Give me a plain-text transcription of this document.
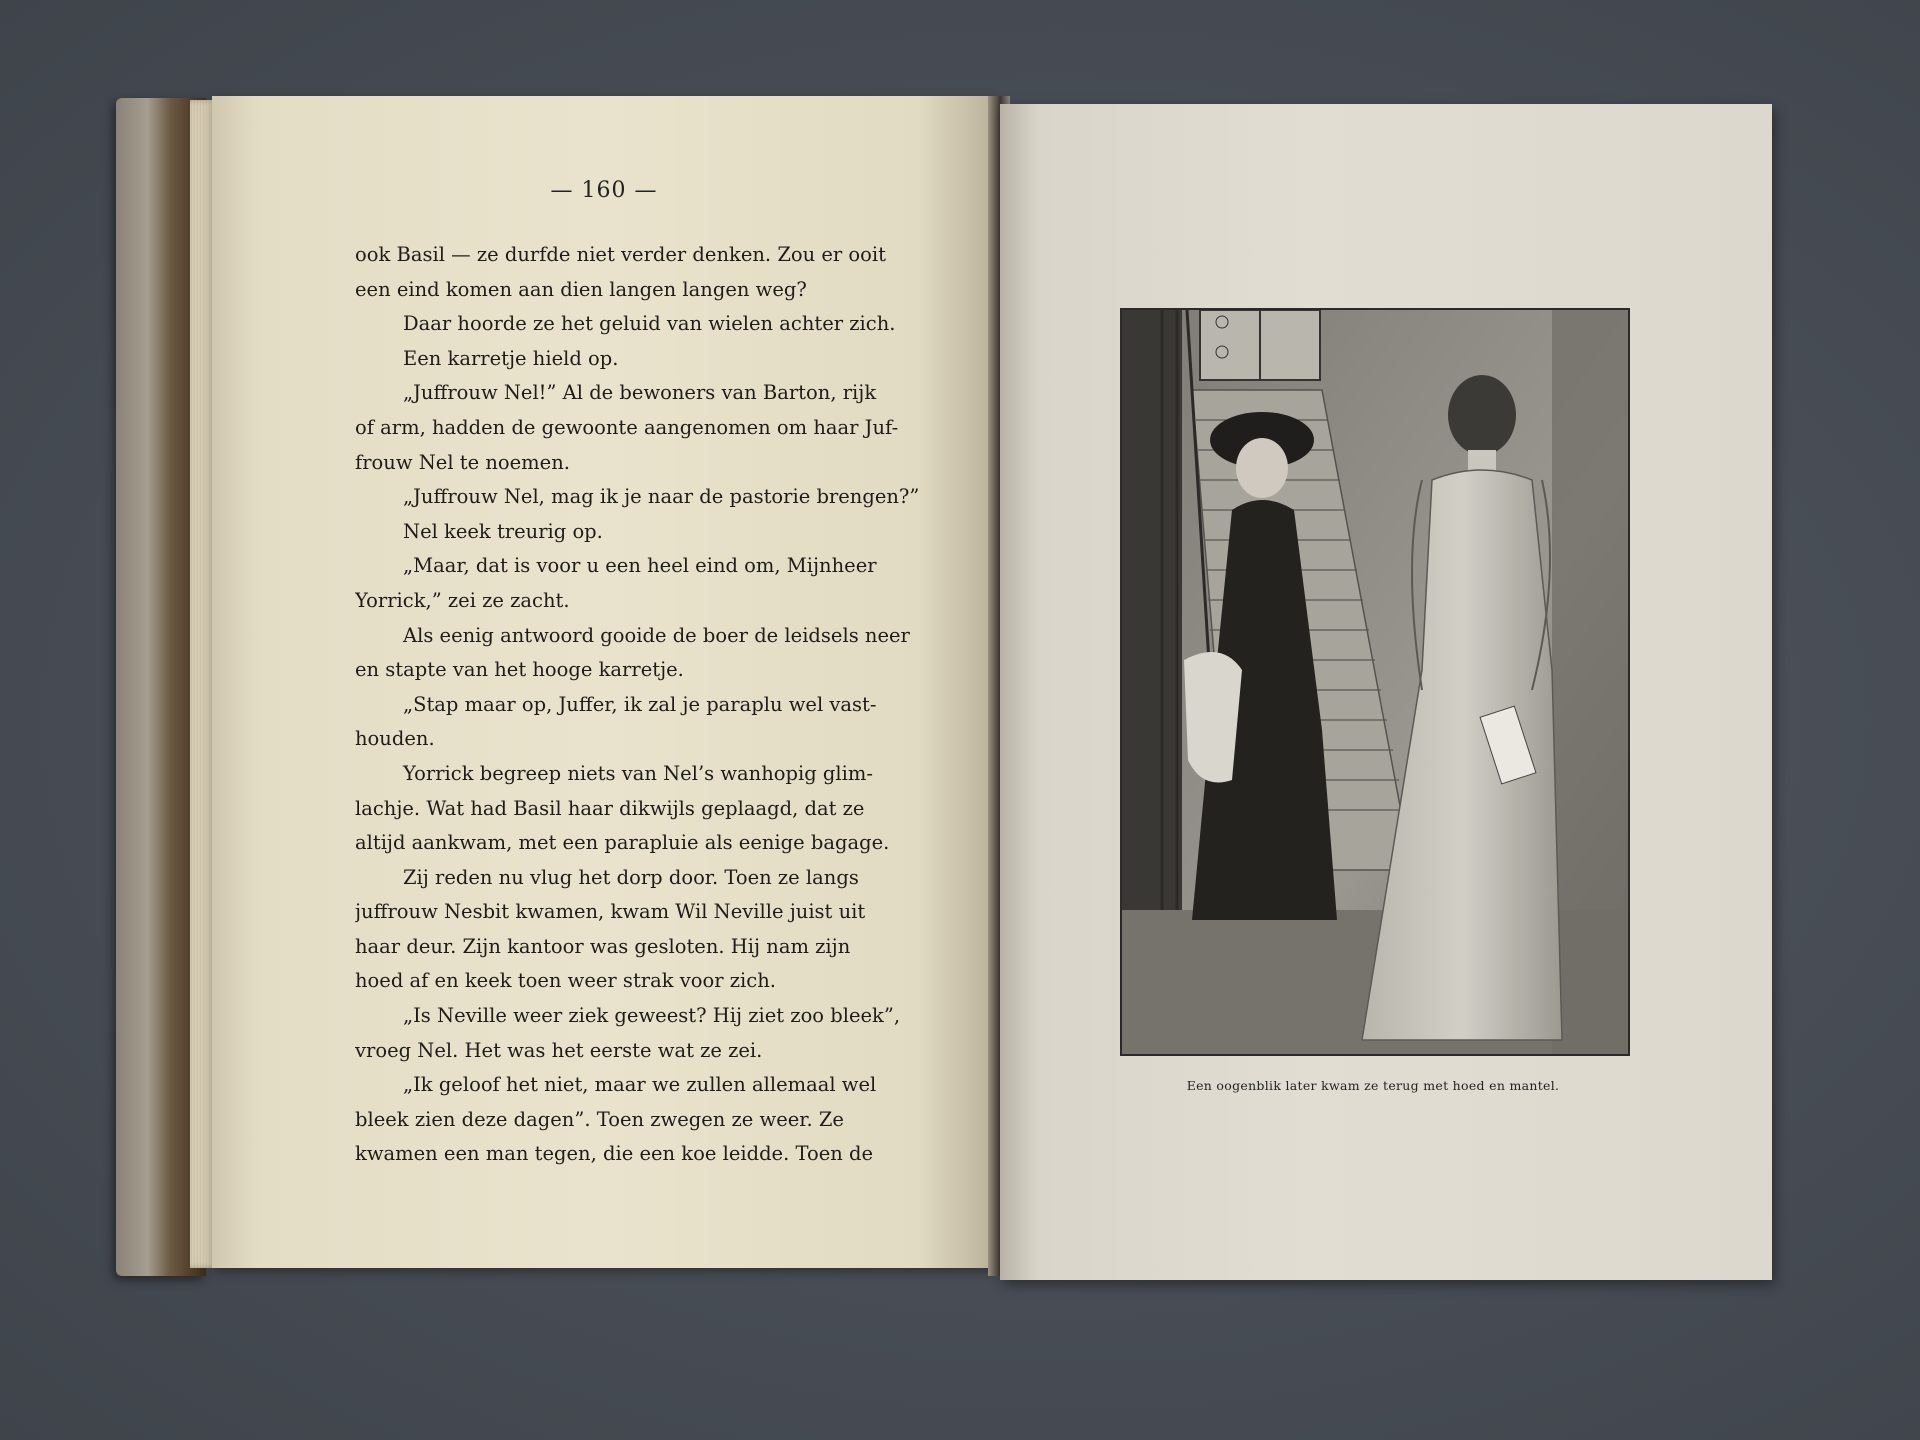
— 160 —
ook Basil — ze durfde niet verder denken. Zou er ooit
een eind komen aan dien langen langen weg?
Daar hoorde ze het geluid van wielen achter zich.
Een karretje hield op.
„Juffrouw Nel!” Al de bewoners van Barton, rijk
of arm, hadden de gewoonte aangenomen om haar Juf-
frouw Nel te noemen.
„Juffrouw Nel, mag ik je naar de pastorie brengen?”
Nel keek treurig op.
„Maar, dat is voor u een heel eind om, Mijnheer
Yorrick,” zei ze zacht.
Als eenig antwoord gooide de boer de leidsels neer
en stapte van het hooge karretje.
„Stap maar op, Juffer, ik zal je paraplu wel vast-
houden.
Yorrick begreep niets van Nel’s wanhopig glim-
lachje. Wat had Basil haar dikwijls geplaagd, dat ze
altijd aankwam, met een parapluie als eenige bagage.
Zij reden nu vlug het dorp door. Toen ze langs
juffrouw Nesbit kwamen, kwam Wil Neville juist uit
haar deur. Zijn kantoor was gesloten. Hij nam zijn
hoed af en keek toen weer strak voor zich.
„Is Neville weer ziek geweest? Hij ziet zoo bleek”,
vroeg Nel. Het was het eerste wat ze zei.
„Ik geloof het niet, maar we zullen allemaal wel
bleek zien deze dagen”. Toen zwegen ze weer. Ze
kwamen een man tegen, die een koe leidde. Toen de
Een oogenblik later kwam ze terug met hoed en mantel.
